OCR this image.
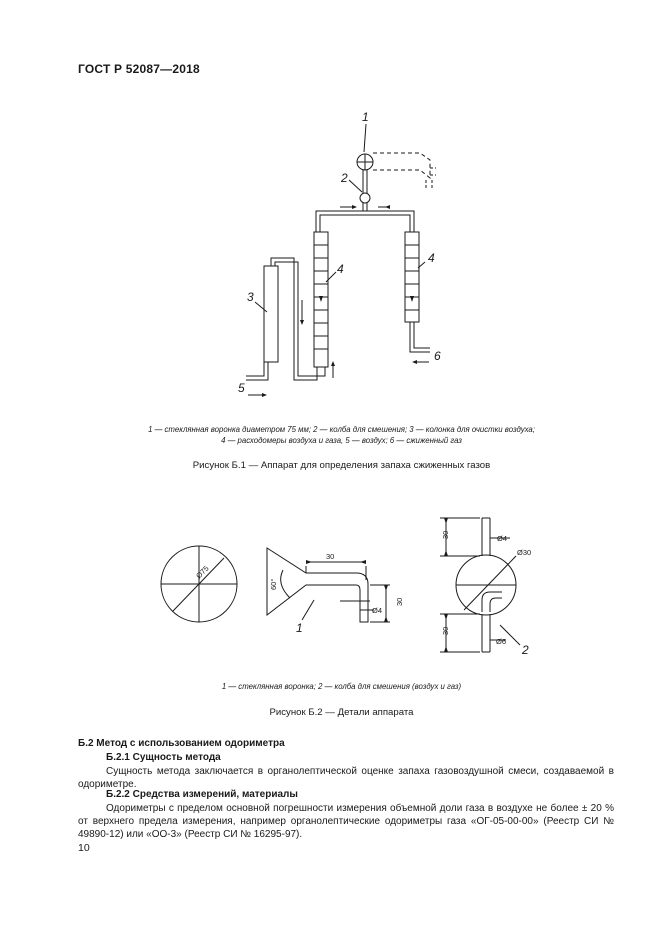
ГОСТ Р 52087—2018
1
2
3
4
4
5
6
1 — стеклянная воронка диаметром 75 мм; 2 — колба для смешения; 3 — колонка для очистки воздуха;
4 — расходомеры воздуха и газа, 5 — воздух; 6 — сжиженный газ
Рисунок Б.1 — Аппарат для определения запаха сжиженных газов
Ø75
60°
30
Ø4
30
30	Ø4
Ø30
30
Ø6
1
2
1 — стеклянная воронка; 2 — колба для смешения (воздух и газ)
Рисунок Б.2 — Детали аппарата
Б.2 Метод с использованием одориметра
Б.2.1 Сущность метода
Сущность метода заключается в органолептической оценке запаха газовоздушной смеси, создаваемой в одориметре.
Б.2.2 Средства измерений, материалы
Одориметры с пределом основной погрешности измерения объемной доли газа в воздухе не более ± 20 % от верхнего предела измерения, например органолептические одориметры газа «ОГ-05-00-00» (Реестр СИ № 49890-12) или «ОО-3» (Реестр СИ № 16295-97).
10
